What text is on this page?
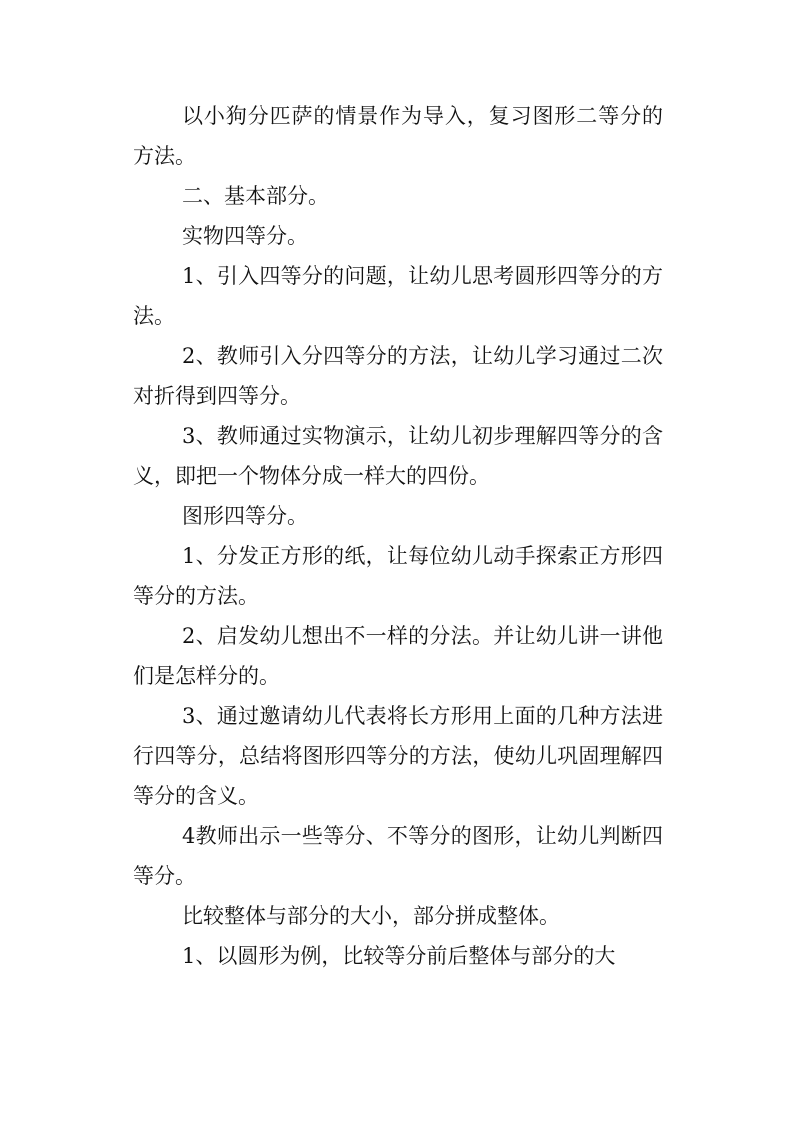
以小狗分匹萨的情景作为导入，复习图形二等分的方法。

二、基本部分。

实物四等分。

1、引入四等分的问题，让幼儿思考圆形四等分的方法。

2、教师引入分四等分的方法，让幼儿学习通过二次对折得到四等分。

3、教师通过实物演示，让幼儿初步理解四等分的含义，即把一个物体分成一样大的四份。

图形四等分。

1、分发正方形的纸，让每位幼儿动手探索正方形四等分的方法。

2、启发幼儿想出不一样的分法。并让幼儿讲一讲他们是怎样分的。

3、通过邀请幼儿代表将长方形用上面的几种方法进行四等分，总结将图形四等分的方法，使幼儿巩固理解四等分的含义。

4教师出示一些等分、不等分的图形，让幼儿判断四等分。

比较整体与部分的大小，部分拼成整体。

1、以圆形为例，比较等分前后整体与部分的大
